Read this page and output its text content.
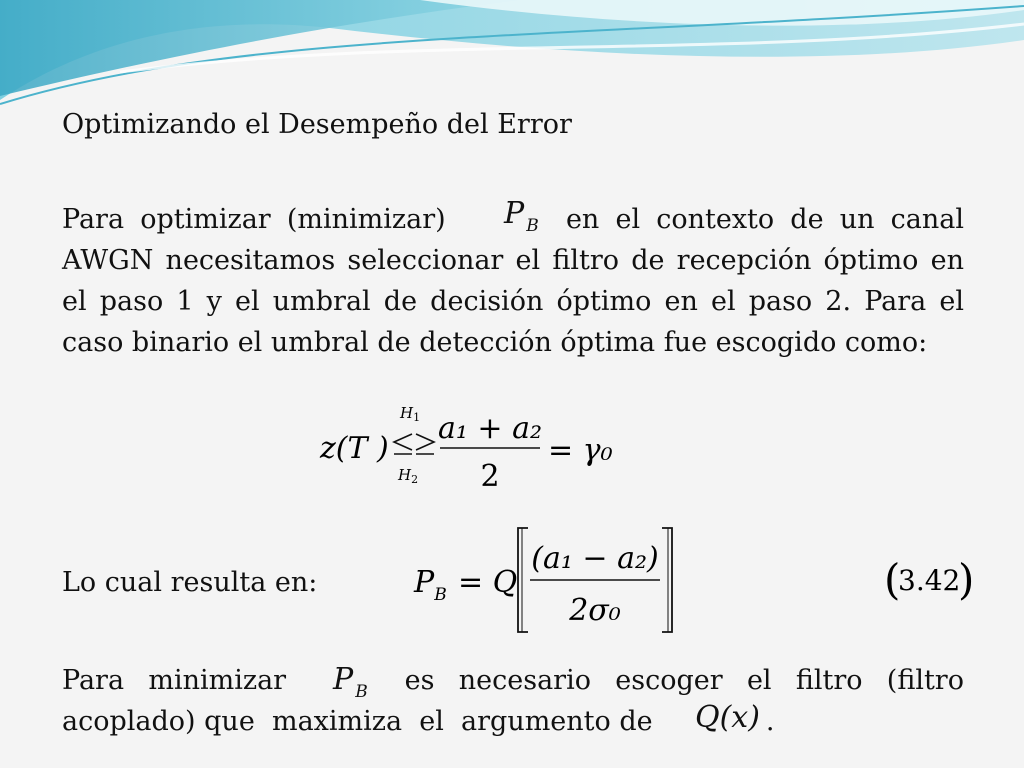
Optimizando el Desempeño del Error
Para optimizar (minimizar)	en el contexto de un canal AWGN necesitamos seleccionar el filtro de recepción óptimo en el paso 1 y el umbral de decisión óptimo en el paso 2. Para el caso binario el umbral de detección óptima fue escogido como:
P $_B$
z(T )
$H_1$
$H_2$
a₁ + a₂
2
= γ₀
Lo cual resulta en:	$P_B = Q$
(a₁ − a₂)
2σ₀
(
3.42
)
Para minimizar	es necesario escoger el filtro (filtro
acoplado) que  maximiza  el  argumento de	.
P $_B$
Q(x)
